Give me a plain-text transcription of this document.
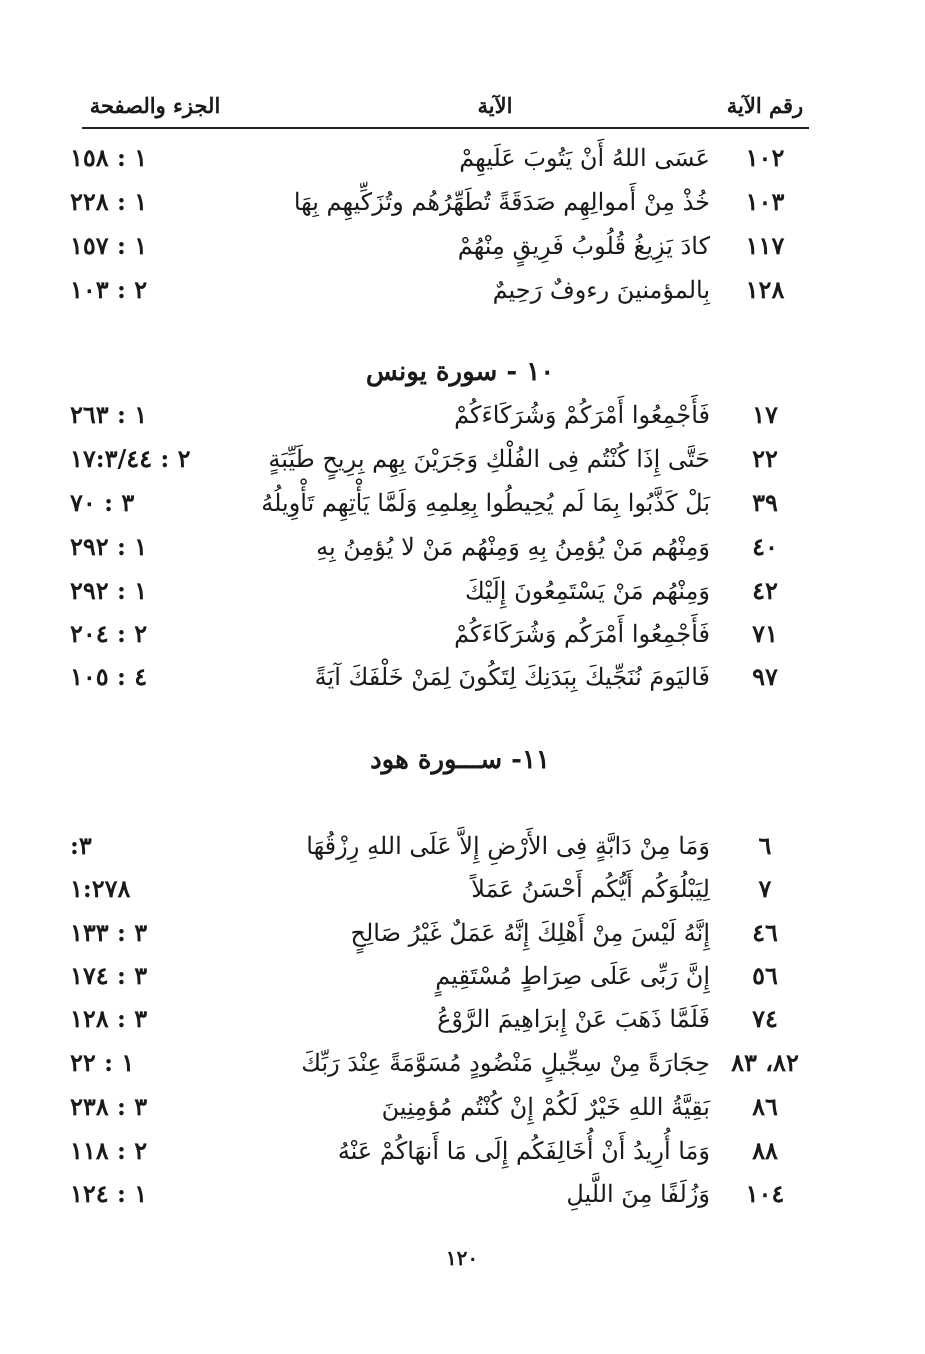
رقم الآية
الآية
الجزء والصفحة
١٠٢
عَسَى اللهُ أَنْ يَتُوبَ عَلَيهِمْ
١ : ١٥٨
١٠٣
خُذْ مِنْ أَموالِهِم صَدَقَةً تُطَهِّرُهُم وتُزَكِّيهِم بِهَا
١ : ٢٢٨
١١٧
كادَ يَزِيغُ قُلُوبُ فَرِيقٍ مِنْهُمْ
١ : ١٥٧
١٢٨
بِالمؤمنينَ رءوفٌ رَحِيمٌ
٢ : ١٠٣
١٠ - سورة يونس
١٧
فَأَجْمِعُوا أَمْرَكُمْ وَشُرَكَاءَكُمْ
١ : ٢٦٣
٢٢
حَتَّى إِذَا كُنْتُم فِى الفُلْكِ وَجَرَيْنَ بِهِم بِرِيحٍ طَيِّبَةٍ
٢ : ١٧:٣/٤٤
٣٩
بَلْ كَذَّبُوا بِمَا لَم يُحِيطُوا بِعِلمِهِ وَلَمَّا يَأْتِهِم تَأْوِيلُهُ
٣ : ٧٠
٤٠
وَمِنْهُم مَنْ يُؤمِنُ بِهِ وَمِنْهُم مَنْ لا يُؤمِنُ بِهِ
١ : ٢٩٢
٤٢
وَمِنْهُم مَنْ يَسْتَمِعُونَ إِلَيْكَ
١ : ٢٩٢
٧١
فَأَجْمِعُوا أَمْرَكُم وَشُرَكَاءَكُمْ
٢ : ٢٠٤
٩٧
فَاليَومَ نُنَجِّيكَ بِبَدَنِكَ لِتَكُونَ لِمَنْ خَلْفَكَ آيَةً
٤ : ١٠٥
١١- ســـورة هود
٦
وَمَا مِنْ دَابَّةٍ فِى الأَرْضِ إِلاَّ عَلَى اللهِ رِزْقُهَا
٣:
٧
لِيَبْلُوَكُم أَيُّكُم أَحْسَنُ عَمَلاً
١:٢٧٨
٤٦
إِنَّهُ لَيْسَ مِنْ أَهْلِكَ إِنَّهُ عَمَلٌ غَيْرُ صَالِحٍ
٣ : ١٣٣
٥٦
إِنَّ رَبِّى عَلَى صِرَاطٍ مُسْتَقِيمٍ
٣ : ١٧٤
٧٤
فَلَمَّا ذَهَبَ عَنْ إِبرَاهِيمَ الرَّوْعُ
٣ : ١٢٨
٨٢، ٨٣
حِجَارَةً مِنْ سِجِّيلٍ مَنْضُودٍ مُسَوَّمَةً عِنْدَ رَبِّكَ
١ : ٢٢
٨٦
بَقِيَّةُ اللهِ خَيْرٌ لَكُمْ إِنْ كُنْتُم مُؤمِنِينَ
٣ : ٢٣٨
٨٨
وَمَا أُرِيدُ أَنْ أُخَالِفَكُم إِلَى مَا أَنهَاكُمْ عَنْهُ
٢ : ١١٨
١٠٤
وَزُلَفًا مِنَ اللَّيلِ
١ : ١٢٤
١٢٠
